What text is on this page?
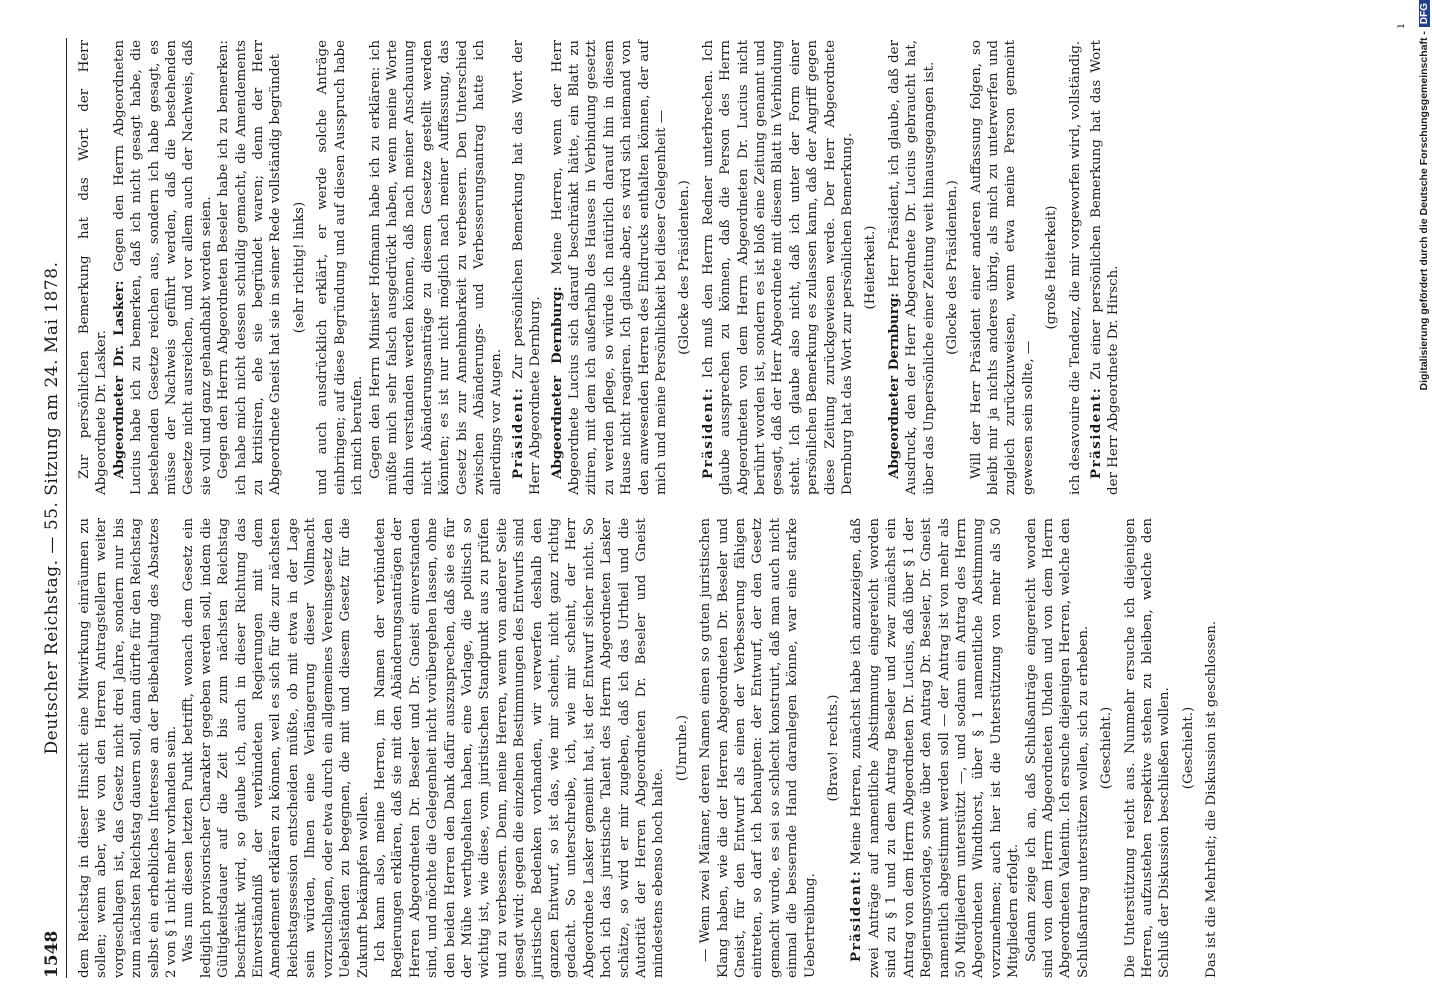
1548
Deutscher Reichstag. — 55. Sitzung am 24. Mai 1878.

dem Reichstag in dieser Hinsicht eine Mitwirkung einräumen zu sollen; wenn aber, wie von den Herren Antragstellern weiter vorgeschlagen ist, das Gesetz nicht drei Jahre, sondern nur bis zum nächsten Reichstag dauern soll, dann dürfte für den Reichstag selbst ein erhebliches Interesse an der Beibehaltung des Absatzes 2 von § 1 nicht mehr vorhanden sein. Was nun diesen letzten Punkt betrifft, wonach dem Gesetz ein lediglich provisorischer Charakter gegeben werden soll, indem die Gültigkeitsdauer auf die Zeit bis zum nächsten Reichstag beschränkt wird, so glaube ich, auch in dieser Richtung das Einverständniß der verbündeten Regierungen mit dem Amendement erklären zu können, weil es sich für die zur nächsten Reichstagssession entscheiden müßte, ob mit etwa in der Lage sein würden, Ihnen eine Verlängerung dieser Vollmacht vorzuschlagen, oder etwa durch ein allgemeines Vereinsgesetz den Uebelständen zu begegnen, die mit und diesem Gesetz für die Zukunft bekämpfen wollen. Ich kann also, meine Herren, im Namen der verbündeten Regierungen erklären, daß sie mit den Abänderungsanträgen der Herren Abgeordneten Dr. Beseler und Dr. Gneist einverstanden sind, und möchte die Gelegenheit nicht vorübergehen lassen, ohne den beiden Herren den Dank dafür auszusprechen, daß sie es für der Mühe werthgehalten haben, eine Vorlage, die politisch so wichtig ist, wie diese, vom juristischen Standpunkt aus zu prüfen und zu verbessern. Denn, meine Herren, wenn von anderer Seite gesagt wird: gegen die einzelnen Bestimmungen des Entwurfs sind juristische Bedenken vorhanden, wir verwerfen deshalb den ganzen Entwurf, so ist das, wie mir scheint, nicht ganz richtig gedacht. So unterschreibe, ich, wie mir scheint, der Herr Abgeordnete Lasker gemeint hat, ist der Entwurf sicher nicht. So hoch ich das juristische Talent des Herrn Abgeordneten Lasker schätze, so wird er mir zugeben, daß ich das Urtheil und die Autorität der Herren Abgeordneten Dr. Beseler und Gneist mindestens ebenso hoch halte.

(Unruhe.) — Wenn zwei Männer, deren Namen einen so guten juristischen Klang haben, wie die der Herren Abgeordneten Dr. Beseler und Gneist, für den Entwurf als einen der Verbesserung fähigen eintreten, so darf ich behaupten: der Entwurf, der den Gesetz gemacht wurde, es sei so schlecht konstruirt, daß man auch nicht einmal die bessernde Hand daranlegen könne, war eine starke Uebertreibung.

(Bravo! rechts.)

Präsident: Meine Herren, zunächst habe ich anzuzeigen, daß zwei Anträge auf namentliche Abstimmung eingereicht worden sind zu § 1 und zu dem Antrag Beseler und zwar zunächst ein Antrag von dem Herrn Abgeordneten Dr. Lucius, daß über § 1 der Regierungsvorlage, sowie über den Antrag Dr. Beseler, Dr. Gneist namentlich abgestimmt werden soll — der Antrag ist von mehr als 50 Mitgliedern unterstützt —, und sodann ein Antrag des Herrn Abgeordneten Windthorst, über § 1 namentliche Abstimmung vorzunehmen; auch hier ist die Unterstützung von mehr als 50 Mitgliedern erfolgt. Sodann zeige ich an, daß Schlußanträge eingereicht worden sind von dem Herrn Abgeordneten Uhden und von dem Herrn Abgeordneten Valentin. Ich ersuche diejenigen Herren, welche den Schlußantrag unterstützen wollen, sich zu erheben. (Geschieht.) Die Unterstützung reicht aus. Nunmehr ersuche ich diejenigen Herren, aufzustehen respektive stehen zu bleiben, welche den Schluß der Diskussion beschließen wollen. (Geschieht.) Das ist die Mehrheit; die Diskussion ist geschlossen.

Zur persönlichen Bemerkung hat das Wort der Herr Abgeordnete Dr. Lasker. Abgeordneter Dr. Lasker: Gegen den Herrn Abgeordneten Lucius habe ich zu bemerken, daß ich nicht gesagt habe, die bestehenden Gesetze reichen aus, sondern ich habe gesagt, es müsse der Nachweis geführt werden, daß die bestehenden Gesetze nicht ausreichen, und vor allem auch der Nachweis, daß sie voll und ganz gehandhabt worden seien. Gegen den Herrn Abgeordneten Beseler habe ich zu bemerken: ich habe mich nicht dessen schuldig gemacht, die Amendements zu kritisiren, ehe sie begründet waren; denn der Herr Abgeordnete Gneist hat sie in seiner Rede vollständig begründet (sehr richtig! links) und auch ausdrücklich erklärt, er werde solche Anträge einbringen; auf diese Begründung und auf diesen Ausspruch habe ich mich berufen. Gegen den Herrn Minister Hofmann habe ich zu erklären: ich müßte mich sehr falsch ausgedrückt haben, wenn meine Worte dahin verstanden werden können, daß nach meiner Anschauung nicht Abänderungsanträge zu diesem Gesetze gestellt werden könnten; es ist nur nicht möglich nach meiner Auffassung, das Gesetz bis zur Annehmbarkeit zu verbessern. Den Unterschied zwischen Abänderungs- und Verbesserungsantrag hatte ich allerdings vor Augen. Präsident: Zur persönlichen Bemerkung hat das Wort der Herr Abgeordnete Dernburg. Abgeordneter Dernburg: Meine Herren, wenn der Herr Abgeordnete Lucius sich darauf beschränkt hätte, ein Blatt zu zitiren, mit dem ich außerhalb des Hauses in Verbindung gesetzt zu werden pflege, so würde ich natürlich darauf hin in diesem Hause nicht reagiren. Ich glaube aber, es wird sich niemand von den anwesenden Herren des Eindrucks enthalten können, der auf mich und meine Persönlichkeit bei dieser Gelegenheit — (Glocke des Präsidenten.)

Präsident: Ich muß den Herrn Redner unterbrechen. Ich glaube aussprechen zu können, daß die Person des Herrn Abgeordneten von dem Herrn Abgeordneten Dr. Lucius nicht berührt worden ist, sondern es ist bloß eine Zeitung genannt und gesagt, daß der Herr Abgeordnete mit diesem Blatt in Verbindung steht. Ich glaube also nicht, daß ich unter der Form einer persönlichen Bemerkung es zulassen kann, daß der Angriff gegen diese Zeitung zurückgewiesen werde. Der Herr Abgeordnete Dernburg hat das Wort zur persönlichen Bemerkung. (Heiterkeit.)

Abgeordneter Dernburg: Herr Präsident, ich glaube, daß der Ausdruck, den der Herr Abgeordnete Dr. Lucius gebraucht hat, über das Unpersönliche einer Zeitung weit hinausgegangen ist. (Glocke des Präsidenten.) Will der Herr Präsident einer anderen Auffassung folgen, so bleibt mir ja nichts anderes übrig, als mich zu unterwerfen und zugleich zurückzuweisen, wenn etwa meine Person gemeint gewesen sein sollte, —

(große Heiterkeit) ich desavouire die Tendenz, die mir vorgeworfen wird, vollständig. Präsident: Zu einer persönlichen Bemerkung hat das Wort der Herr Abgeordnete Dr. Hirsch.

ı
Digitalisierung gefördert durch die Deutsche Forschungsgemeinschaft -DFG
